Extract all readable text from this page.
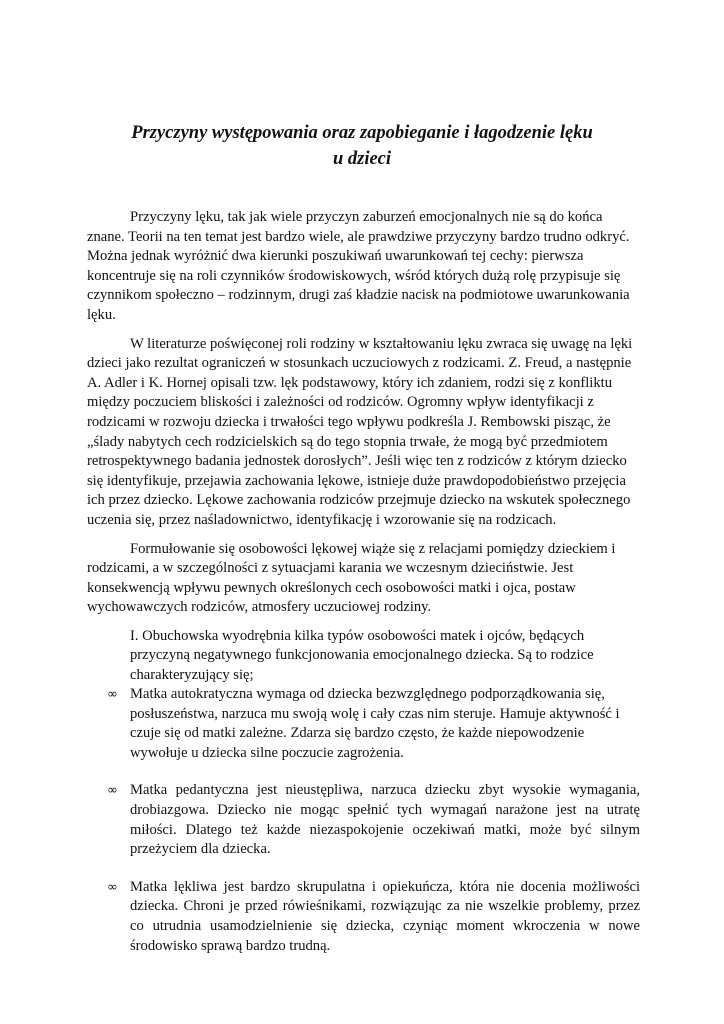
Przyczyny występowania oraz zapobieganie i łagodzenie lęku
u dzieci

Przyczyny lęku, tak jak wiele przyczyn zaburzeń emocjonalnych nie są do końca znane. Teorii na ten temat jest bardzo wiele, ale prawdziwe przyczyny bardzo trudno odkryć. Można jednak wyróżnić dwa kierunki poszukiwań uwarunkowań tej cechy: pierwsza koncentruje się na roli czynników środowiskowych, wśród których dużą rolę przypisuje się czynnikom społeczno – rodzinnym, drugi zaś kładzie nacisk na podmiotowe uwarunkowania lęku.

W literaturze poświęconej roli rodziny w kształtowaniu lęku zwraca się uwagę na lęki dzieci jako rezultat ograniczeń w stosunkach uczuciowych z rodzicami. Z. Freud, a następnie A. Adler i K. Hornej opisali tzw. lęk podstawowy, który ich zdaniem, rodzi się z konfliktu między poczuciem bliskości i zależności od rodziców. Ogromny wpływ identyfikacji z rodzicami w rozwoju dziecka i trwałości tego wpływu podkreśla J. Rembowski pisząc, że „ślady nabytych cech rodzicielskich są do tego stopnia trwałe, że mogą być przedmiotem retrospektywnego badania jednostek dorosłych”. Jeśli więc ten z rodziców z którym dziecko się identyfikuje, przejawia zachowania lękowe, istnieje duże prawdopodobieństwo przejęcia ich przez dziecko. Lękowe zachowania rodziców przejmuje dziecko na wskutek społecznego uczenia się, przez naśladownictwo, identyfikację i wzorowanie się na rodzicach.

Formułowanie się osobowości lękowej wiąże się z relacjami pomiędzy dzieckiem i rodzicami, a w szczególności z sytuacjami karania we wczesnym dzieciństwie. Jest konsekwencją wpływu pewnych określonych cech osobowości matki i ojca, postaw wychowawczych rodziców, atmosfery uczuciowej rodziny.

I. Obuchowska wyodrębnia kilka typów osobowości matek i ojców, będących przyczyną negatywnego funkcjonowania emocjonalnego dziecka. Są to rodzice charakteryzujący się;

∞ Matka autokratyczna wymaga od dziecka bezwzględnego podporządkowania się, posłuszeństwa, narzuca mu swoją wolę i cały czas nim steruje. Hamuje aktywność i czuje się od matki zależne. Zdarza się bardzo często, że każde niepowodzenie wywołuje u dziecka silne poczucie zagrożenia.
∞ Matka pedantyczna jest nieustępliwa, narzuca dziecku zbyt wysokie wymagania, drobiazgowa. Dziecko nie mogąc spełnić tych wymagań narażone jest na utratę miłości. Dlatego też każde niezaspokojenie oczekiwań matki, może być silnym przeżyciem dla dziecka.
∞ Matka lękliwa jest bardzo skrupulatna i opiekuńcza, która nie docenia możliwości dziecka. Chroni je przed rówieśnikami, rozwiązując za nie wszelkie problemy, przez co utrudnia usamodzielnienie się dziecka, czyniąc moment wkroczenia w nowe środowisko sprawą bardzo trudną.
